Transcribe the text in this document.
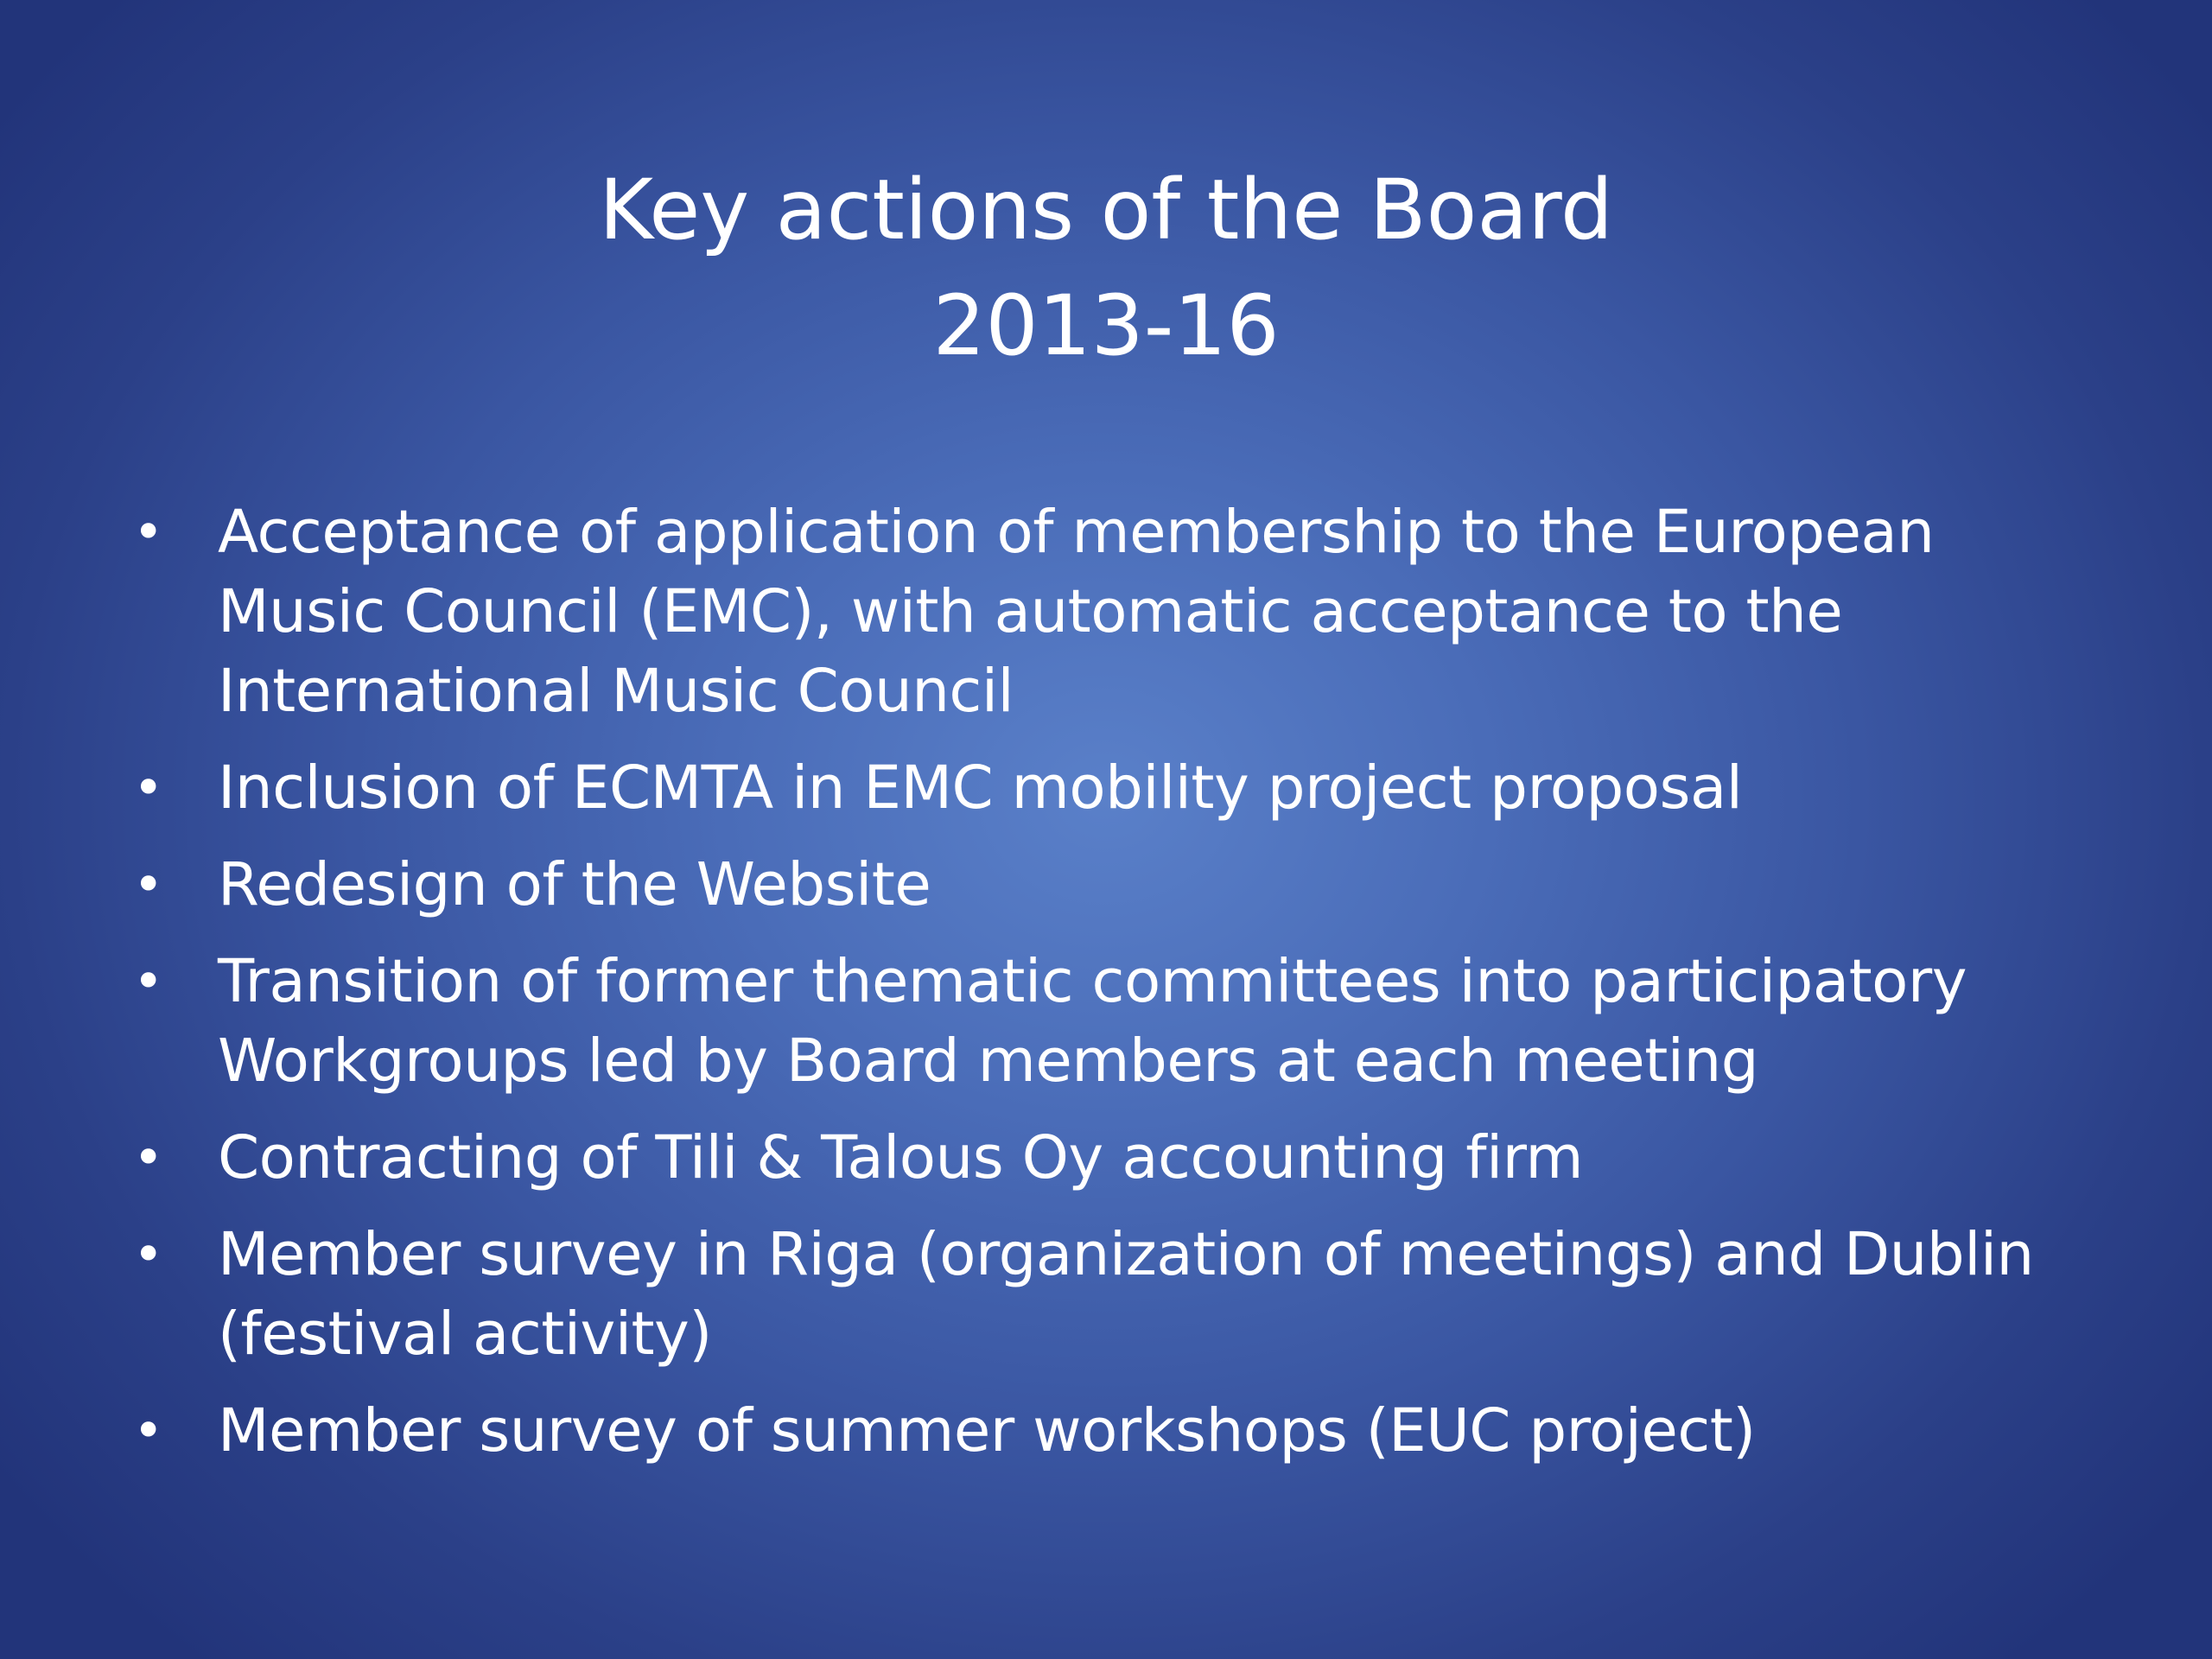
Key actions of the Board
2013-16
• Acceptance of application of membership to the European Music Council (EMC), with automatic acceptance to the International Music Council
• Inclusion of ECMTA in EMC mobility project proposal
• Redesign of the Website
• Transition of former thematic committees into participatory Workgroups led by Board members at each meeting
• Contracting of Tili & Talous Oy accounting firm
• Member survey in Riga (organization of meetings) and Dublin (festival activity)
• Member survey of summer workshops (EUC project)
